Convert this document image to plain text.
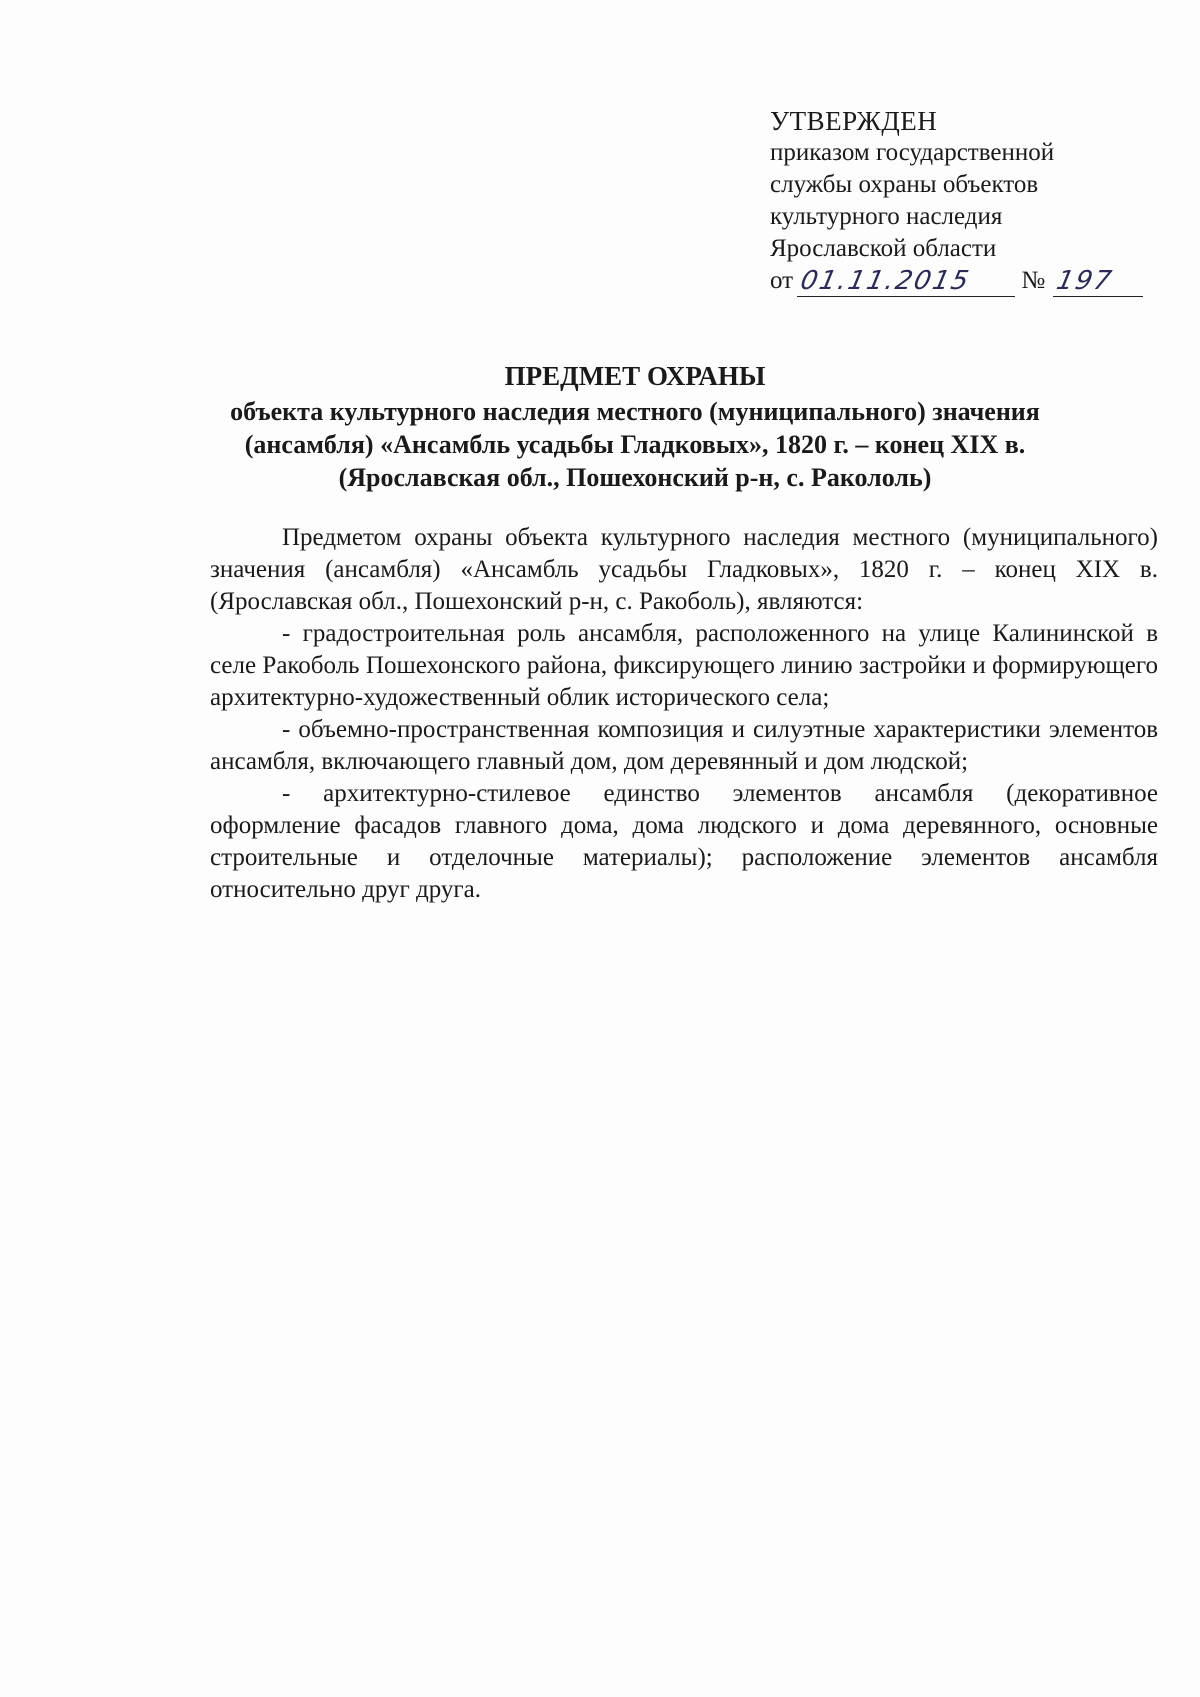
УТВЕРЖДЕН
приказом государственной
службы охраны объектов
культурного наследия
Ярославской области
от 01.11.2015 № 197
ПРЕДМЕТ ОХРАНЫ
объекта культурного наследия местного (муниципального) значения
(ансамбля) «Ансамбль усадьбы Гладковых», 1820 г. – конец XIX в.
(Ярославская обл., Пошехонский р-н, с. Ракололь)

Предметом охраны объекта культурного наследия местного (муниципального) значения (ансамбля) «Ансамбль усадьбы Гладковых», 1820 г. – конец XIX в. (Ярославская обл., Пошехонский р-н, с. Ракоболь), являются:

- градостроительная роль ансамбля, расположенного на улице Калининской в селе Ракоболь Пошехонского района, фиксирующего линию застройки и формирующего архитектурно-художественный облик исторического села;

- объемно-пространственная композиция и силуэтные характеристики элементов ансамбля, включающего главный дом, дом деревянный и дом людской;

- архитектурно-стилевое единство элементов ансамбля (декоративное оформление фасадов главного дома, дома людского и дома деревянного, основные строительные и отделочные материалы); расположение элементов ансамбля относительно друг друга.
